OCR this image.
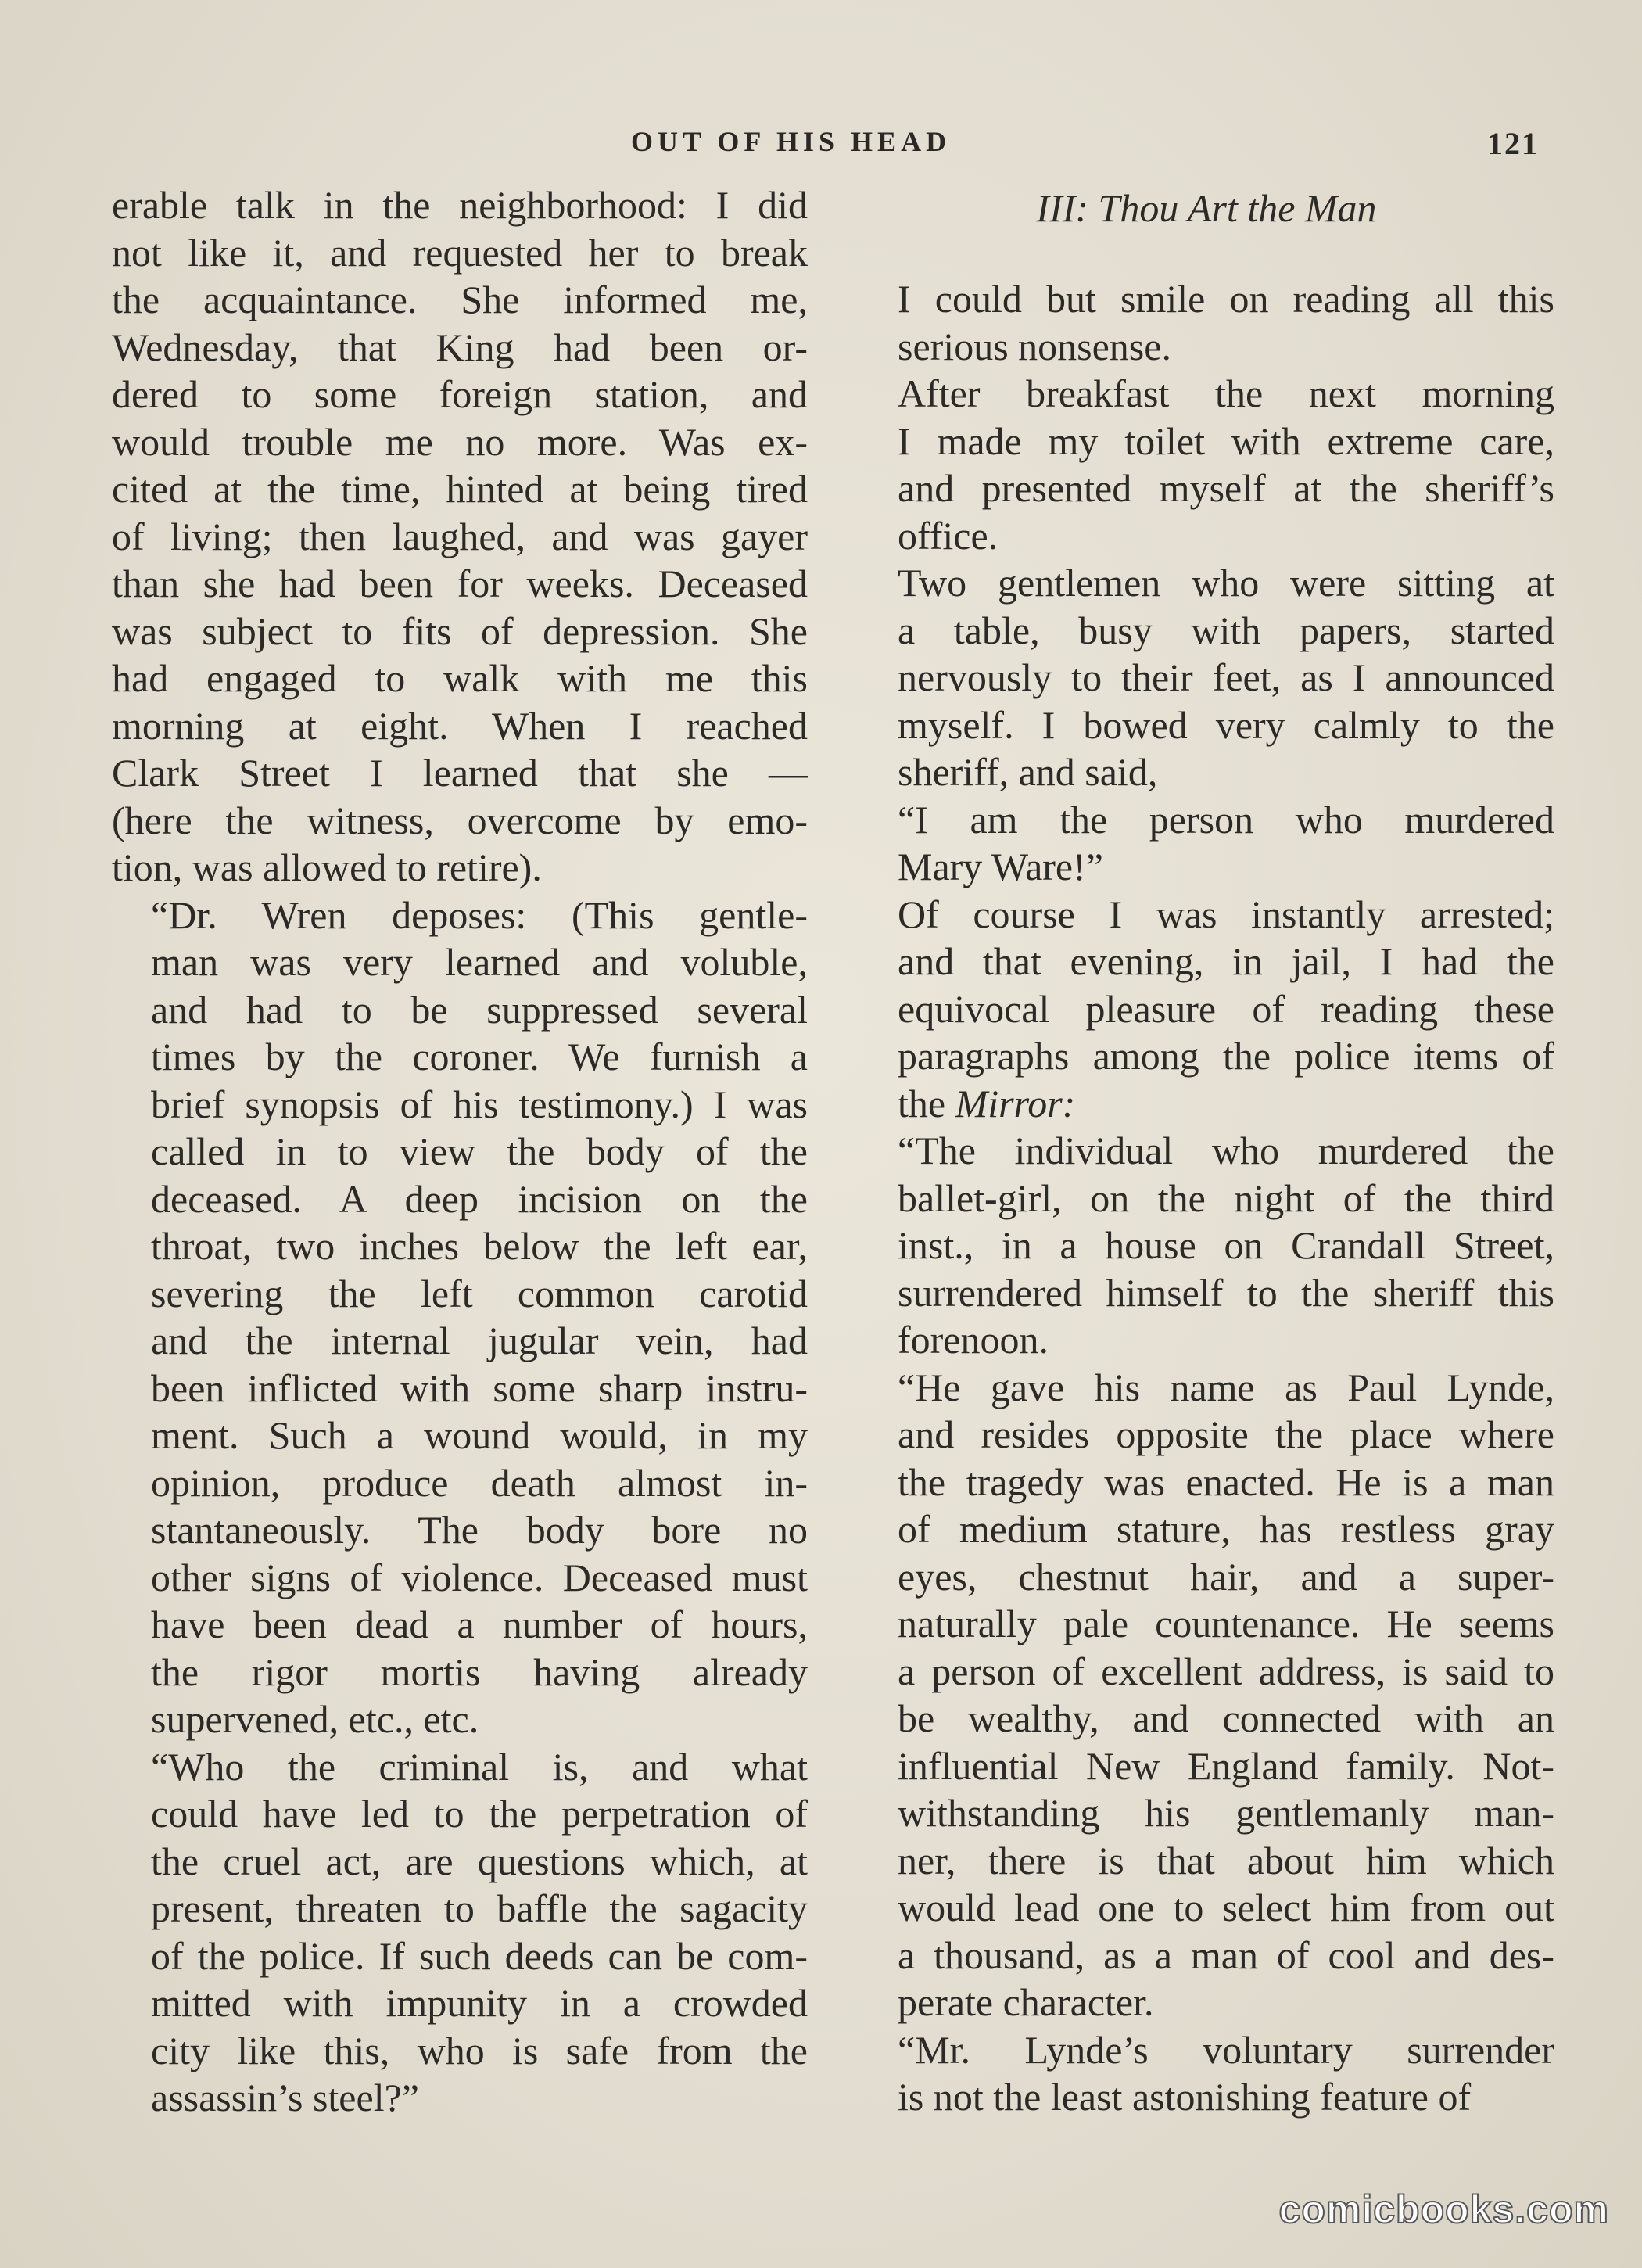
OUT OF HIS HEAD	121
erable talk in the neighborhood: I did
not like it, and requested her to break
the acquaintance. She informed me,
Wednesday, that King had been or-
dered to some foreign station, and
would trouble me no more. Was ex-
cited at the time, hinted at being tired
of living; then laughed, and was gayer
than she had been for weeks. Deceased
was subject to fits of depression. She
had engaged to walk with me this
morning at eight. When I reached
Clark Street I learned that she —
(here the witness, overcome by emo-
tion, was allowed to retire).
“Dr. Wren deposes: (This gentle-
man was very learned and voluble,
and had to be suppressed several
times by the coroner. We furnish a
brief synopsis of his testimony.) I was
called in to view the body of the
deceased. A deep incision on the
throat, two inches below the left ear,
severing the left common carotid
and the internal jugular vein, had
been inflicted with some sharp instru-
ment. Such a wound would, in my
opinion, produce death almost in-
stantaneously. The body bore no
other signs of violence. Deceased must
have been dead a number of hours,
the rigor mortis having already
supervened, etc., etc.
“Who the criminal is, and what
could have led to the perpetration of
the cruel act, are questions which, at
present, threaten to baffle the sagacity
of the police. If such deeds can be com-
mitted with impunity in a crowded
city like this, who is safe from the
assassin’s steel?”
III: Thou Art the Man
I could but smile on reading all this
serious nonsense.
After breakfast the next morning
I made my toilet with extreme care,
and presented myself at the sheriff’s
office.
Two gentlemen who were sitting at
a table, busy with papers, started
nervously to their feet, as I announced
myself. I bowed very calmly to the
sheriff, and said,
“I am the person who murdered
Mary Ware!”
Of course I was instantly arrested;
and that evening, in jail, I had the
equivocal pleasure of reading these
paragraphs among the police items of
the Mirror:
“The individual who murdered the
ballet-girl, on the night of the third
inst., in a house on Crandall Street,
surrendered himself to the sheriff this
forenoon.
“He gave his name as Paul Lynde,
and resides opposite the place where
the tragedy was enacted. He is a man
of medium stature, has restless gray
eyes, chestnut hair, and a super-
naturally pale countenance. He seems
a person of excellent address, is said to
be wealthy, and connected with an
influential New England family. Not-
withstanding his gentlemanly man-
ner, there is that about him which
would lead one to select him from out
a thousand, as a man of cool and des-
perate character.
“Mr. Lynde’s voluntary surrender
is not the least astonishing feature of
comicbooks.com
